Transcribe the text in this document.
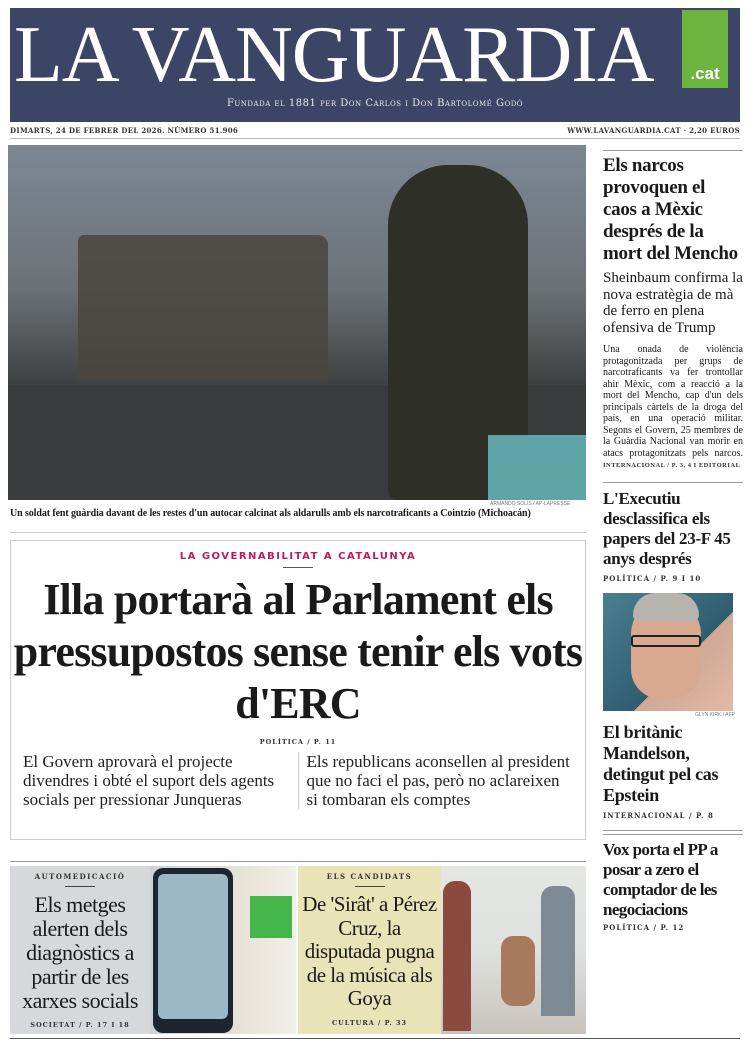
LA VANGUARDIA	.cat
Fundada el 1881 per Don Carlos i Don Bartolomé Godó
DIMARTS, 24 DE FEBRER DEL 2026. NÚMERO 51.906	WWW.LAVANGUARDIA.CAT · 2,20 EUROS
ARMANDO SOLÍS / AP-LAPRESSE
Un soldat fent guàrdia davant de les restes d'un autocar calcinat als aldarulls amb els narcotraficants a Cointzio (Michoacán)
Els narcos provoquen el caos a Mèxic després de la mort del Mencho
Sheinbaum confirma la nova estratègia de mà de ferro en plena ofensiva de Trump
Una onada de violència protagonitzada per grups de narcotraficants va fer trontollar ahir Mèxic, com a reacció a la mort del Mencho, cap d'un dels principals càrtels de la droga del país, en una operació militar. Segons el Govern, 25 membres de la Guàrdia Nacional van morir en atacs protagonitzats pels narcos. INTERNACIONAL / P. 3, 4 I EDITORIAL
L'Executiu desclassifica els papers del 23-F 45 anys després
POLÍTICA / P. 9 I 10
GLYN KIRK / AFP
El britànic Mandelson, detingut pel cas Epstein
INTERNACIONAL / P. 8
Vox porta el PP a posar a zero el comptador de les negociacions
POLÍTICA / P. 12
LA GOVERNABILITAT A CATALUNYA
Illa portarà al Parlament els pressupostos sense tenir els vots d'ERC
POLÍTICA / P. 11
El Govern aprovarà el projecte divendres i obté el suport dels agents socials per pressionar Junqueras
Els republicans aconsellen al president que no faci el pas, però no aclareixen si tombaran els comptes
AUTOMEDICACIÓ
Els metges alerten dels diagnòstics a partir de les xarxes socials
SOCIETAT / P. 17 I 18
ELS CANDIDATS
De 'Sirât' a Pérez Cruz, la disputada pugna de la música als Goya
CULTURA / P. 33
